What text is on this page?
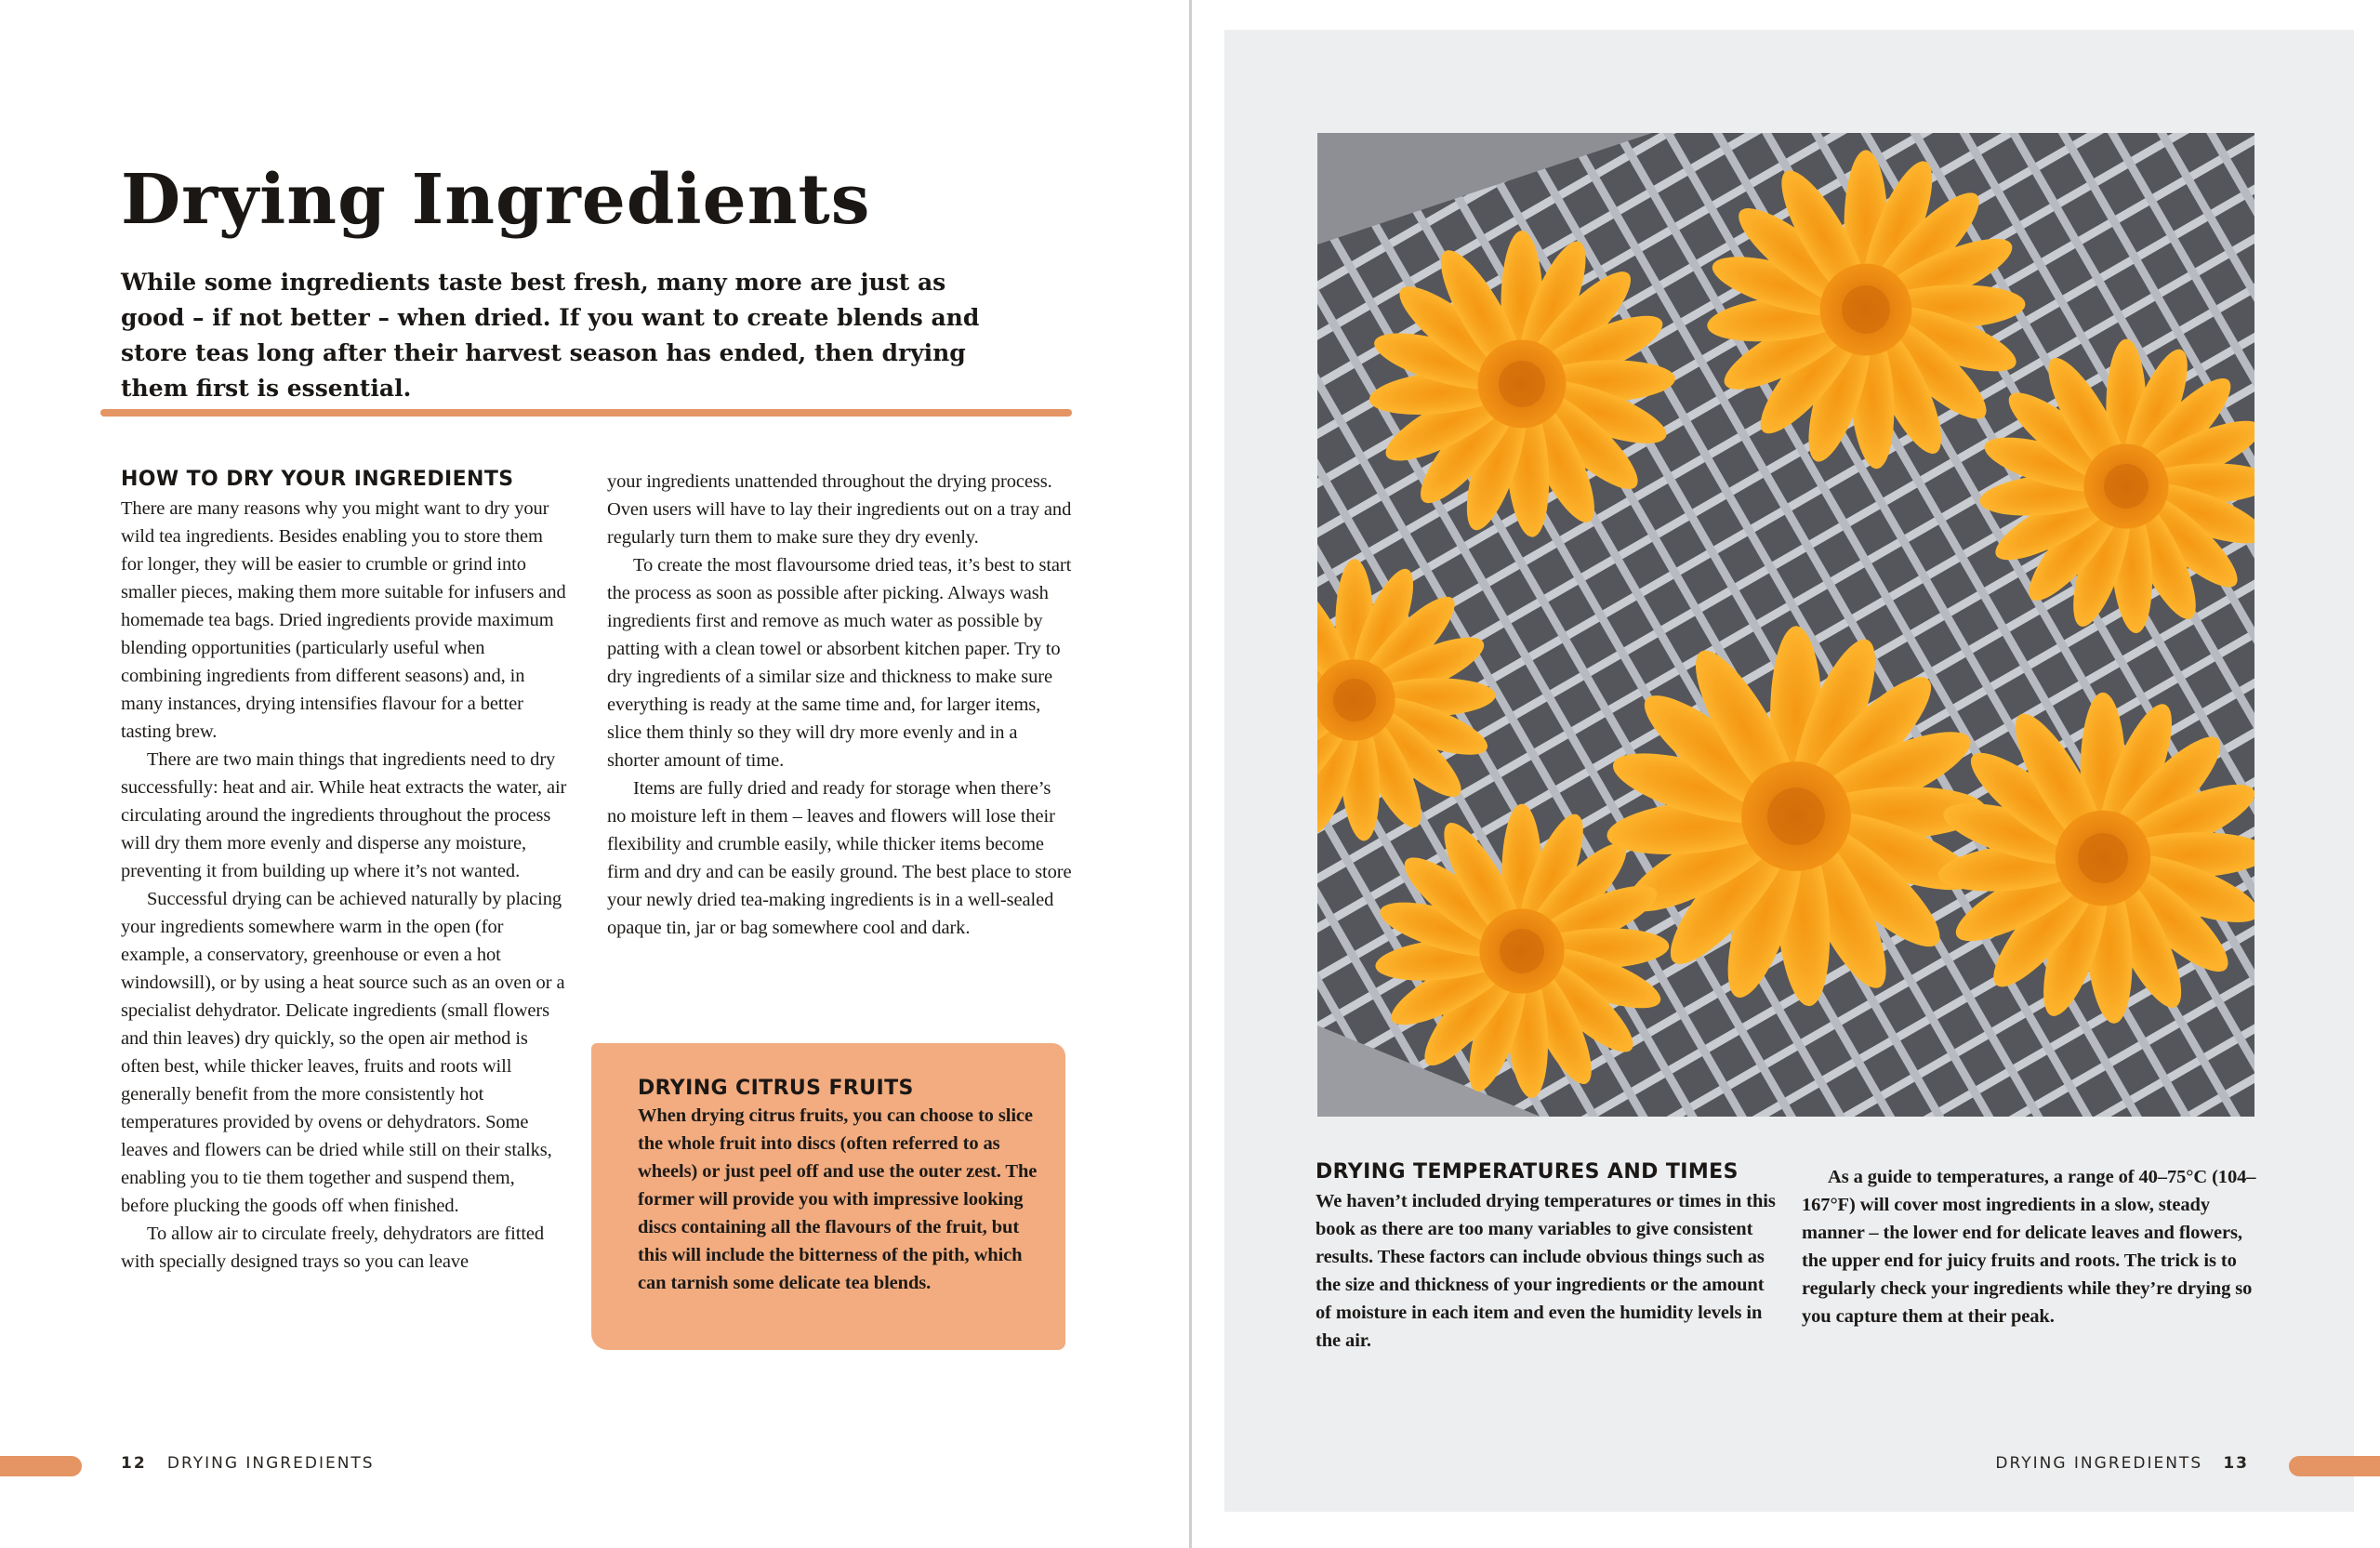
Drying Ingredients

While some ingredients taste best fresh, many more are just as good – if not better – when dried. If you want to create blends and store teas long after their harvest season has ended, then drying them first is essential.

HOW TO DRY YOUR INGREDIENTS

There are many reasons why you might want to dry your wild tea ingredients. Besides enabling you to store them for longer, they will be easier to crumble or grind into smaller pieces, making them more suitable for infusers and homemade tea bags. Dried ingredients provide maximum blending opportunities (particularly useful when combining ingredients from different seasons) and, in many instances, drying intensifies flavour for a better tasting brew.

There are two main things that ingredients need to dry successfully: heat and air. While heat extracts the water, air circulating around the ingredients throughout the process will dry them more evenly and disperse any moisture, preventing it from building up where it’s not wanted.

Successful drying can be achieved naturally by placing your ingredients somewhere warm in the open (for example, a conservatory, greenhouse or even a hot windowsill), or by using a heat source such as an oven or a specialist dehydrator. Delicate ingredients (small flowers and thin leaves) dry quickly, so the open air method is often best, while thicker leaves, fruits and roots will generally benefit from the more consistently hot temperatures provided by ovens or dehydrators. Some leaves and flowers can be dried while still on their stalks, enabling you to tie them together and suspend them, before plucking the goods off when finished.

To allow air to circulate freely, dehydrators are fitted with specially designed trays so you can leave

your ingredients unattended throughout the drying process. Oven users will have to lay their ingredients out on a tray and regularly turn them to make sure they dry evenly.

To create the most flavoursome dried teas, it’s best to start the process as soon as possible after picking. Always wash ingredients first and remove as much water as possible by patting with a clean towel or absorbent kitchen paper. Try to dry ingredients of a similar size and thickness to make sure everything is ready at the same time and, for larger items, slice them thinly so they will dry more evenly and in a shorter amount of time.

Items are fully dried and ready for storage when there’s no moisture left in them – leaves and flowers will lose their flexibility and crumble easily, while thicker items become firm and dry and can be easily ground. The best place to store your newly dried tea-making ingredients is in a well-sealed opaque tin, jar or bag somewhere cool and dark.

DRYING CITRUS FRUITS

When drying citrus fruits, you can choose to slice the whole fruit into discs (often referred to as wheels) or just peel off and use the outer zest. The former will provide you with impressive looking discs containing all the flavours of the fruit, but this will include the bitterness of the pith, which can tarnish some delicate tea blends.

12 DRYING INGREDIENTS
DRYING TEMPERATURES AND TIMES

We haven’t included drying temperatures or times in this book as there are too many variables to give consistent results. These factors can include obvious things such as the size and thickness of your ingredients or the amount of moisture in each item and even the humidity levels in the air.

As a guide to temperatures, a range of 40–75°C (104–167°F) will cover most ingredients in a slow, steady manner – the lower end for delicate leaves and flowers, the upper end for juicy fruits and roots. The trick is to regularly check your ingredients while they’re drying so you capture them at their peak.

DRYING INGREDIENTS 13
